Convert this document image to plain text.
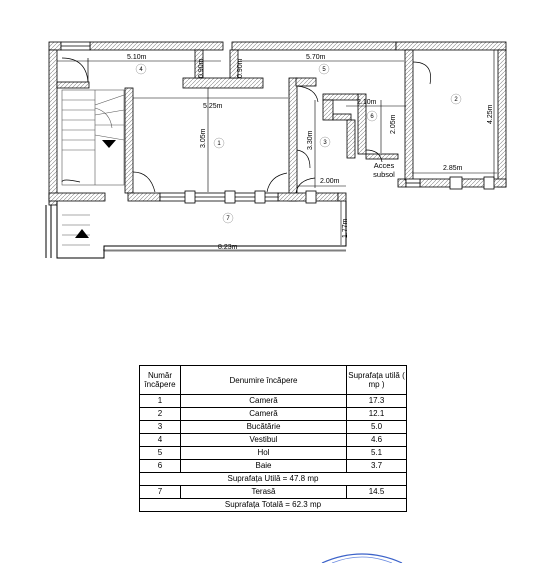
5.10m	5.70m
0.90m	0.90m
5.25m
3.05m	3.30m
2.10m
2.05m
4.25m
2.00m
2.85m
1.77m
8.23m
1
2
3
4	5
6
7
Acces
subsol
Număr încăpere	Denumire încăpere	Suprafața utilă ( mp )
1	Cameră	17.3
2	Cameră	12.1
3	Bucătărie	5.0
4	Vestibul	4.6
5	Hol	5.1
6	Baie	3.7
Suprafața Utilă = 47.8 mp		
7	Terasă	14.5
Suprafața Totală = 62.3 mp		
